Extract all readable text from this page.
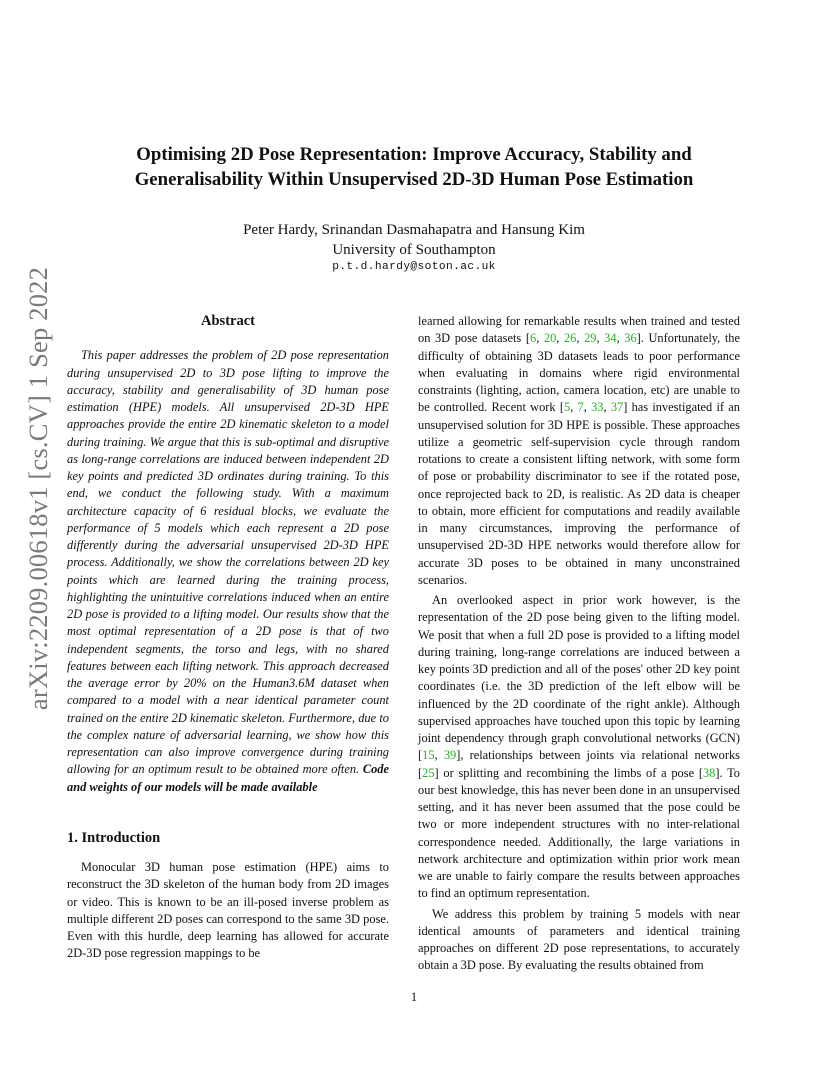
arXiv:2209.00618v1 [cs.CV] 1 Sep 2022
Optimising 2D Pose Representation: Improve Accuracy, Stability and
Generalisability Within Unsupervised 2D-3D Human Pose Estimation
Peter Hardy, Srinandan Dasmahapatra and Hansung Kim
University of Southampton
p.t.d.hardy@soton.ac.uk
Abstract

This paper addresses the problem of 2D pose representation during unsupervised 2D to 3D pose lifting to improve the accuracy, stability and generalisability of 3D human pose estimation (HPE) models. All unsupervised 2D-3D HPE approaches provide the entire 2D kinematic skeleton to a model during training. We argue that this is sub-optimal and disruptive as long-range correlations are induced between independent 2D key points and predicted 3D ordinates during training. To this end, we conduct the following study. With a maximum architecture capacity of 6 residual blocks, we evaluate the performance of 5 models which each represent a 2D pose differently during the adversarial unsupervised 2D-3D HPE process. Additionally, we show the correlations between 2D key points which are learned during the training process, highlighting the unintuitive correlations induced when an entire 2D pose is provided to a lifting model. Our results show that the most optimal representation of a 2D pose is that of two independent segments, the torso and legs, with no shared features between each lifting network. This approach decreased the average error by 20% on the Human3.6M dataset when compared to a model with a near identical parameter count trained on the entire 2D kinematic skeleton. Furthermore, due to the complex nature of adversarial learning, we show how this representation can also improve convergence during training allowing for an optimum result to be obtained more often. Code and weights of our models will be made available

1. Introduction

Monocular 3D human pose estimation (HPE) aims to reconstruct the 3D skeleton of the human body from 2D images or video. This is known to be an ill-posed inverse problem as multiple different 2D poses can correspond to the same 3D pose. Even with this hurdle, deep learning has allowed for accurate 2D-3D pose regression mappings to be

learned allowing for remarkable results when trained and tested on 3D pose datasets [6, 20, 26, 29, 34, 36]. Unfortunately, the difficulty of obtaining 3D datasets leads to poor performance when evaluating in domains where rigid environmental constraints (lighting, action, camera location, etc) are unable to be controlled. Recent work [5, 7, 33, 37] has investigated if an unsupervised solution for 3D HPE is possible. These approaches utilize a geometric self-supervision cycle through random rotations to create a consistent lifting network, with some form of pose or probability discriminator to see if the rotated pose, once reprojected back to 2D, is realistic. As 2D data is cheaper to obtain, more efficient for computations and readily available in many circumstances, improving the performance of unsupervised 2D-3D HPE networks would therefore allow for accurate 3D poses to be obtained in many unconstrained scenarios.

An overlooked aspect in prior work however, is the representation of the 2D pose being given to the lifting model. We posit that when a full 2D pose is provided to a lifting model during training, long-range correlations are induced between a key points 3D prediction and all of the poses' other 2D key point coordinates (i.e. the 3D prediction of the left elbow will be influenced by the 2D coordinate of the right ankle). Although supervised approaches have touched upon this topic by learning joint dependency through graph convolutional networks (GCN) [15, 39], relationships between joints via relational networks [25] or splitting and recombining the limbs of a pose [38]. To our best knowledge, this has never been done in an unsupervised setting, and it has never been assumed that the pose could be two or more independent structures with no inter-relational correspondence needed. Additionally, the large variations in network architecture and optimization within prior work mean we are unable to fairly compare the results between approaches to find an optimum representation.

We address this problem by training 5 models with near identical amounts of parameters and identical training approaches on different 2D pose representations, to accurately obtain a 3D pose. By evaluating the results obtained from

1
